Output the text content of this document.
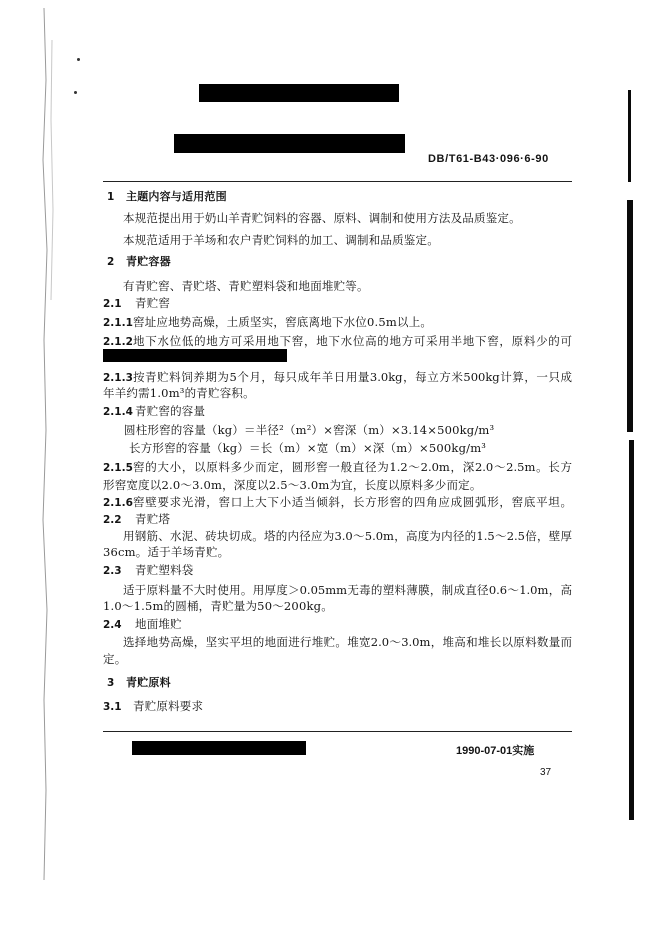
DB/T61-B43·096·6-90
1	主题内容与适用范围
本规范提出用于奶山羊青贮饲料的容器、原料、调制和使用方法及品质鉴定。
本规范适用于羊场和农户青贮饲料的加工、调制和品质鉴定。
2	青贮容器
有青贮窖、青贮塔、青贮塑料袋和地面堆贮等。
2.1	青贮窖
2.1.1 窖址应地势高燥，土质坚实，窖底离地下水位0.5m以上。
2.1.2 地下水位低的地方可采用地下窖，地下水位高的地方可采用半地下窖，原料少的可
2.1.3 按青贮料饲养期为5个月，每只成年羊日用量3.0kg，每立方米500kg计算，一只成
年羊约需1.0m³的青贮容积。
2.1.4 青贮窖的容量
圆柱形窖的容量（kg）＝半径²（m²）×窖深（m）×3.14×500kg/m³
长方形窖的容量（kg）＝长（m）×宽（m）×深（m）×500kg/m³
2.1.5 窖的大小，以原料多少而定，圆形窖一般直径为1.2～2.0m，深2.0～2.5m。长方
形窖宽度以2.0～3.0m，深度以2.5～3.0m为宜，长度以原料多少而定。
2.1.6 窖壁要求光滑，窖口上大下小适当倾斜，长方形窖的四角应成圆弧形，窖底平坦。
2.2	青贮塔
用钢筋、水泥、砖块切成。塔的内径应为3.0～5.0m，高度为内径的1.5～2.5倍，壁厚
36cm。适于羊场青贮。
2.3	青贮塑料袋
适于原料量不大时使用。用厚度＞0.05mm无毒的塑料薄膜，制成直径0.6～1.0m，高
1.0～1.5m的圆桶，青贮量为50～200kg。
2.4	地面堆贮
选择地势高燥，坚实平坦的地面进行堆贮。堆宽2.0～3.0m，堆高和堆长以原料数量而
定。
3	青贮原料
3.1 青贮原料要求
1990-07-01实施
37
